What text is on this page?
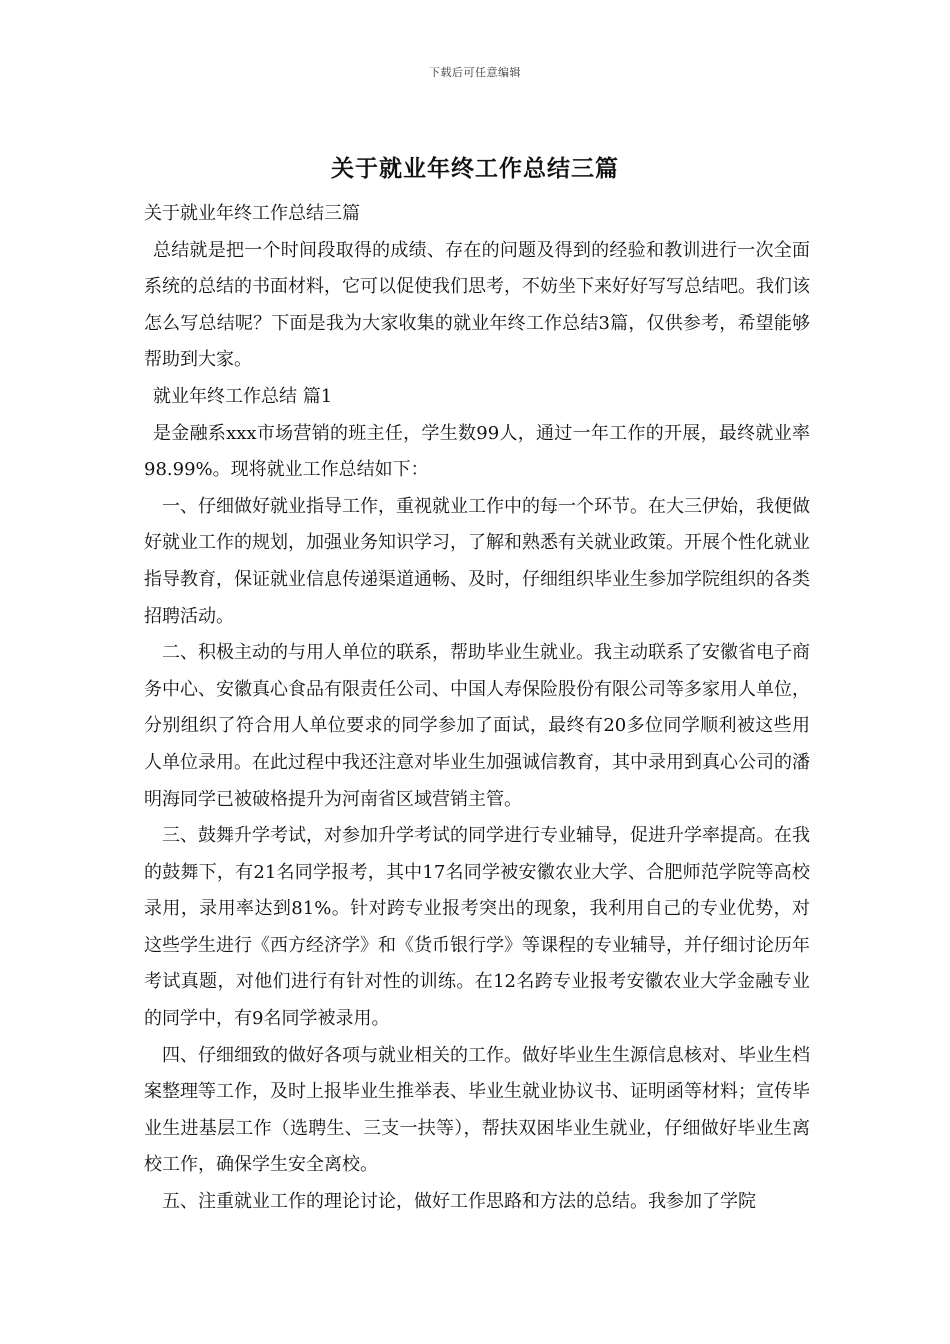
下载后可任意编辑
关于就业年终工作总结三篇

关于就业年终工作总结三篇

总结就是把一个时间段取得的成绩、存在的问题及得到的经验和教训进行一次全面系统的总结的书面材料，它可以促使我们思考，不妨坐下来好好写写总结吧。我们该怎么写总结呢？下面是我为大家收集的就业年终工作总结3篇，仅供参考，希望能够帮助到大家。

就业年终工作总结 篇1

是金融系xxx市场营销的班主任，学生数99人，通过一年工作的开展，最终就业率98.99%。现将就业工作总结如下：

一、仔细做好就业指导工作，重视就业工作中的每一个环节。在大三伊始，我便做好就业工作的规划，加强业务知识学习，了解和熟悉有关就业政策。开展个性化就业指导教育，保证就业信息传递渠道通畅、及时，仔细组织毕业生参加学院组织的各类招聘活动。

二、积极主动的与用人单位的联系，帮助毕业生就业。我主动联系了安徽省电子商务中心、安徽真心食品有限责任公司、中国人寿保险股份有限公司等多家用人单位，分别组织了符合用人单位要求的同学参加了面试，最终有20多位同学顺利被这些用人单位录用。在此过程中我还注意对毕业生加强诚信教育，其中录用到真心公司的潘明海同学已被破格提升为河南省区域营销主管。

三、鼓舞升学考试，对参加升学考试的同学进行专业辅导，促进升学率提高。在我的鼓舞下，有21名同学报考，其中17名同学被安徽农业大学、合肥师范学院等高校录用，录用率达到81%。针对跨专业报考突出的现象，我利用自己的专业优势，对这些学生进行《西方经济学》和《货币银行学》等课程的专业辅导，并仔细讨论历年考试真题，对他们进行有针对性的训练。在12名跨专业报考安徽农业大学金融专业的同学中，有9名同学被录用。

四、仔细细致的做好各项与就业相关的工作。做好毕业生生源信息核对、毕业生档案整理等工作，及时上报毕业生推举表、毕业生就业协议书、证明函等材料；宣传毕业生进基层工作（选聘生、三支一扶等），帮扶双困毕业生就业，仔细做好毕业生离校工作，确保学生安全离校。

五、注重就业工作的理论讨论，做好工作思路和方法的总结。我参加了学院
